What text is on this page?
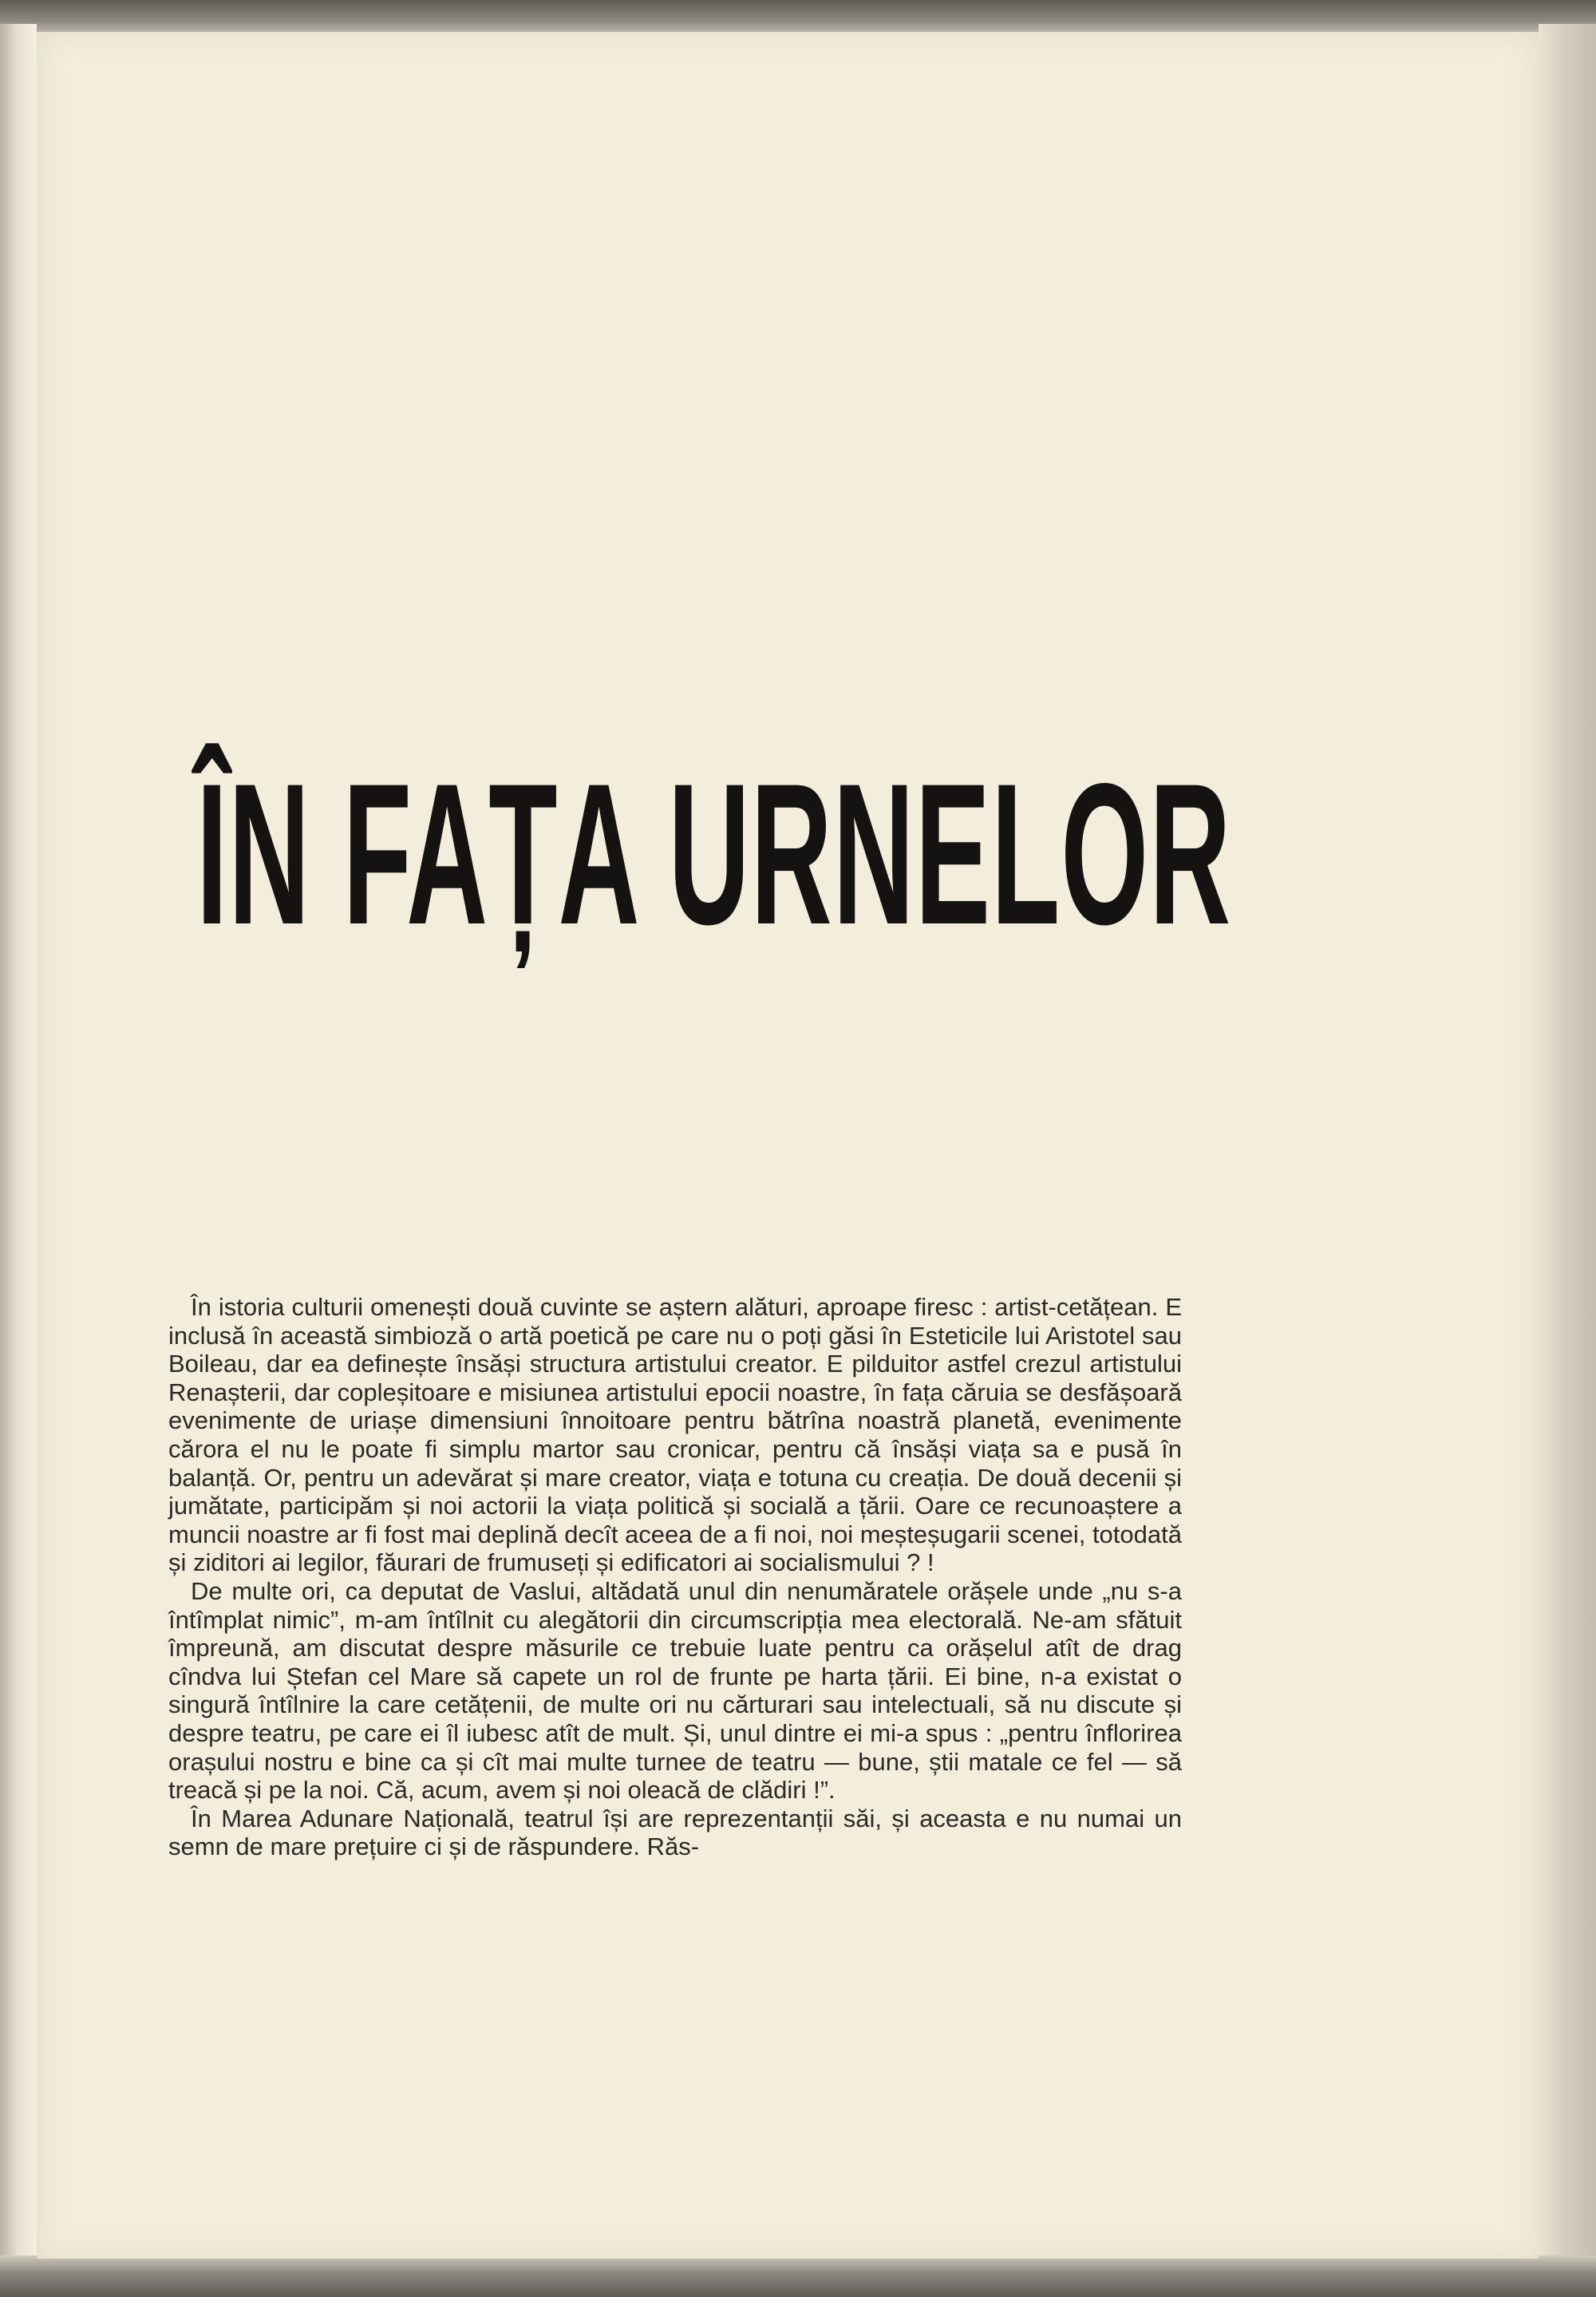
ÎN FAȚA URNELOR

În istoria culturii omenești două cuvinte se aștern alături, aproape firesc : artist-cetățean. E inclusă în această simbioză o artă poetică pe care nu o poți găsi în Esteticile lui Aristotel sau Boileau, dar ea definește însăși structura artistului creator. E pilduitor astfel crezul artistului Renașterii, dar copleșitoare e misiunea artistului epocii noastre, în fața căruia se desfășoară evenimente de uriașe dimensiuni înnoitoare pentru bătrîna noastră planetă, evenimente cărora el nu le poate fi simplu martor sau cronicar, pentru că însăși viața sa e pusă în balanță. Or, pentru un adevărat și mare creator, viața e totuna cu creația. De două decenii și jumătate, participăm și noi actorii la viața politică și socială a țării. Oare ce recunoaștere a muncii noastre ar fi fost mai deplină decît aceea de a fi noi, noi meșteșugarii scenei, totodată și ziditori ai legilor, făurari de frumuseți și edificatori ai socialismului ? !

De multe ori, ca deputat de Vaslui, altădată unul din nenumăratele orășele unde „nu s-a întîmplat nimic”, m-am întîlnit cu alegătorii din circumscripția mea electorală. Ne-am sfătuit împreună, am discutat despre măsurile ce trebuie luate pentru ca orășelul atît de drag cîndva lui Ștefan cel Mare să capete un rol de frunte pe harta țării. Ei bine, n-a existat o singură întîlnire la care cetățenii, de multe ori nu cărturari sau intelectuali, să nu discute și despre teatru, pe care ei îl iubesc atît de mult. Și, unul dintre ei mi-a spus : „pentru înflorirea orașului nostru e bine ca și cît mai multe turnee de teatru — bune, știi matale ce fel — să treacă și pe la noi. Că, acum, avem și noi oleacă de clădiri !”.

În Marea Adunare Națională, teatrul își are reprezentanții săi, și aceasta e nu numai un semn de mare prețuire ci și de răspundere. Răs-
